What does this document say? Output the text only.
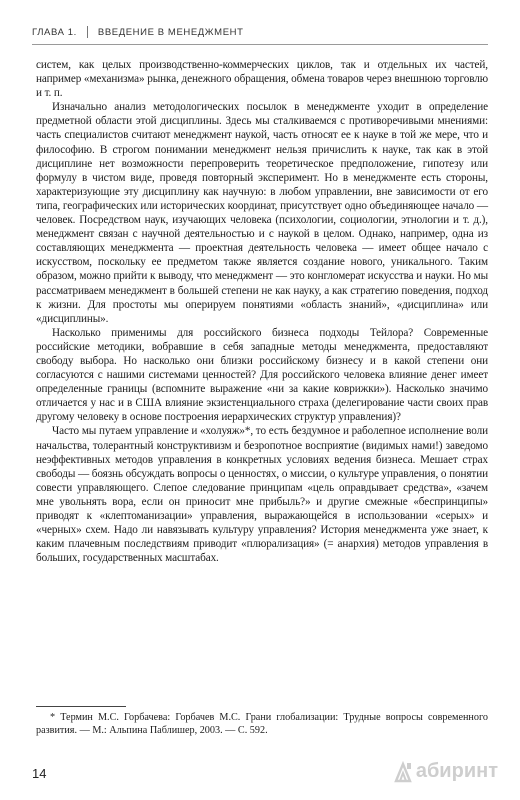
ГЛАВА 1. ВВЕДЕНИЕ В МЕНЕДЖМЕНТ

систем, как целых производственно-коммерческих циклов, так и отдельных их частей, например «механизма» рынка, денежного обращения, обмена товаров через внешнюю торговлю и т. п.

Изначально анализ методологических посылок в менеджменте уходит в определение предметной области этой дисциплины. Здесь мы сталкиваемся с противоречивыми мнениями: часть специалистов считают менеджмент наукой, часть относят ее к науке в той же мере, что и философию. В строгом понимании менеджмент нельзя причислить к науке, так как в этой дисциплине нет возможности перепроверить теоретическое предположение, гипотезу или формулу в чистом виде, проведя повторный эксперимент. Но в менеджменте есть стороны, характеризующие эту дисциплину как научную: в любом управлении, вне зависимости от его типа, географических или исторических координат, присутствует одно объединяющее начало — человек. Посредством наук, изучающих человека (психологии, социологии, этнологии и т. д.), менеджмент связан с научной деятельностью и с наукой в целом. Однако, например, одна из составляющих менеджмента — проектная деятельность человека — имеет общее начало с искусством, поскольку ее предметом также является создание нового, уникального. Таким образом, можно прийти к выводу, что менеджмент — это конгломерат искусства и науки. Но мы рассматриваем менеджмент в большей степени не как науку, а как стратегию поведения, подход к жизни. Для простоты мы оперируем понятиями «область знаний», «дисциплина» или «дисциплины».

Насколько применимы для российского бизнеса подходы Тейлора? Современные российские методики, вобравшие в себя западные методы менеджмента, предоставляют свободу выбора. Но насколько они близки российскому бизнесу и в какой степени они согласуются с нашими системами ценностей? Для российского человека влияние денег имеет определенные границы (вспомните выражение «ни за какие коврижки»). Насколько значимо отличается у нас и в США влияние экзистенциального страха (делегирование части своих прав другому человеку в основе построения иерархических структур управления)?

Часто мы путаем управление и «холуяж»*, то есть бездумное и рабoлепное исполнение воли начальства, толерантный конструктивизм и безропотное восприятие (видимых нами!) заведомо неэффективных методов управления в конкретных условиях ведения бизнеса. Мешает страх свободы — боязнь обсуждать вопросы о ценностях, о миссии, о культуре управления, о понятии совести управляющего. Слепое следование принципам «цель оправдывает средства», «зачем мне увольнять вора, если он приносит мне прибыль?» и другие смежные «беспринципы» приводят к «клептоманизации» управления, выражающейся в использовании «серых» и «черных» схем. Надо ли навязывать культуру управления? История менеджмента уже знает, к каким плачевным последствиям приводит «плюрализация» (= анархия) методов управления в больших, государственных масштабах.

* Термин М.С. Горбачева: Горбачев М.С. Грани глобализации: Трудные вопросы современного развития. — М.: Альпина Паблишер, 2003. — С. 592.
14	абиринт
